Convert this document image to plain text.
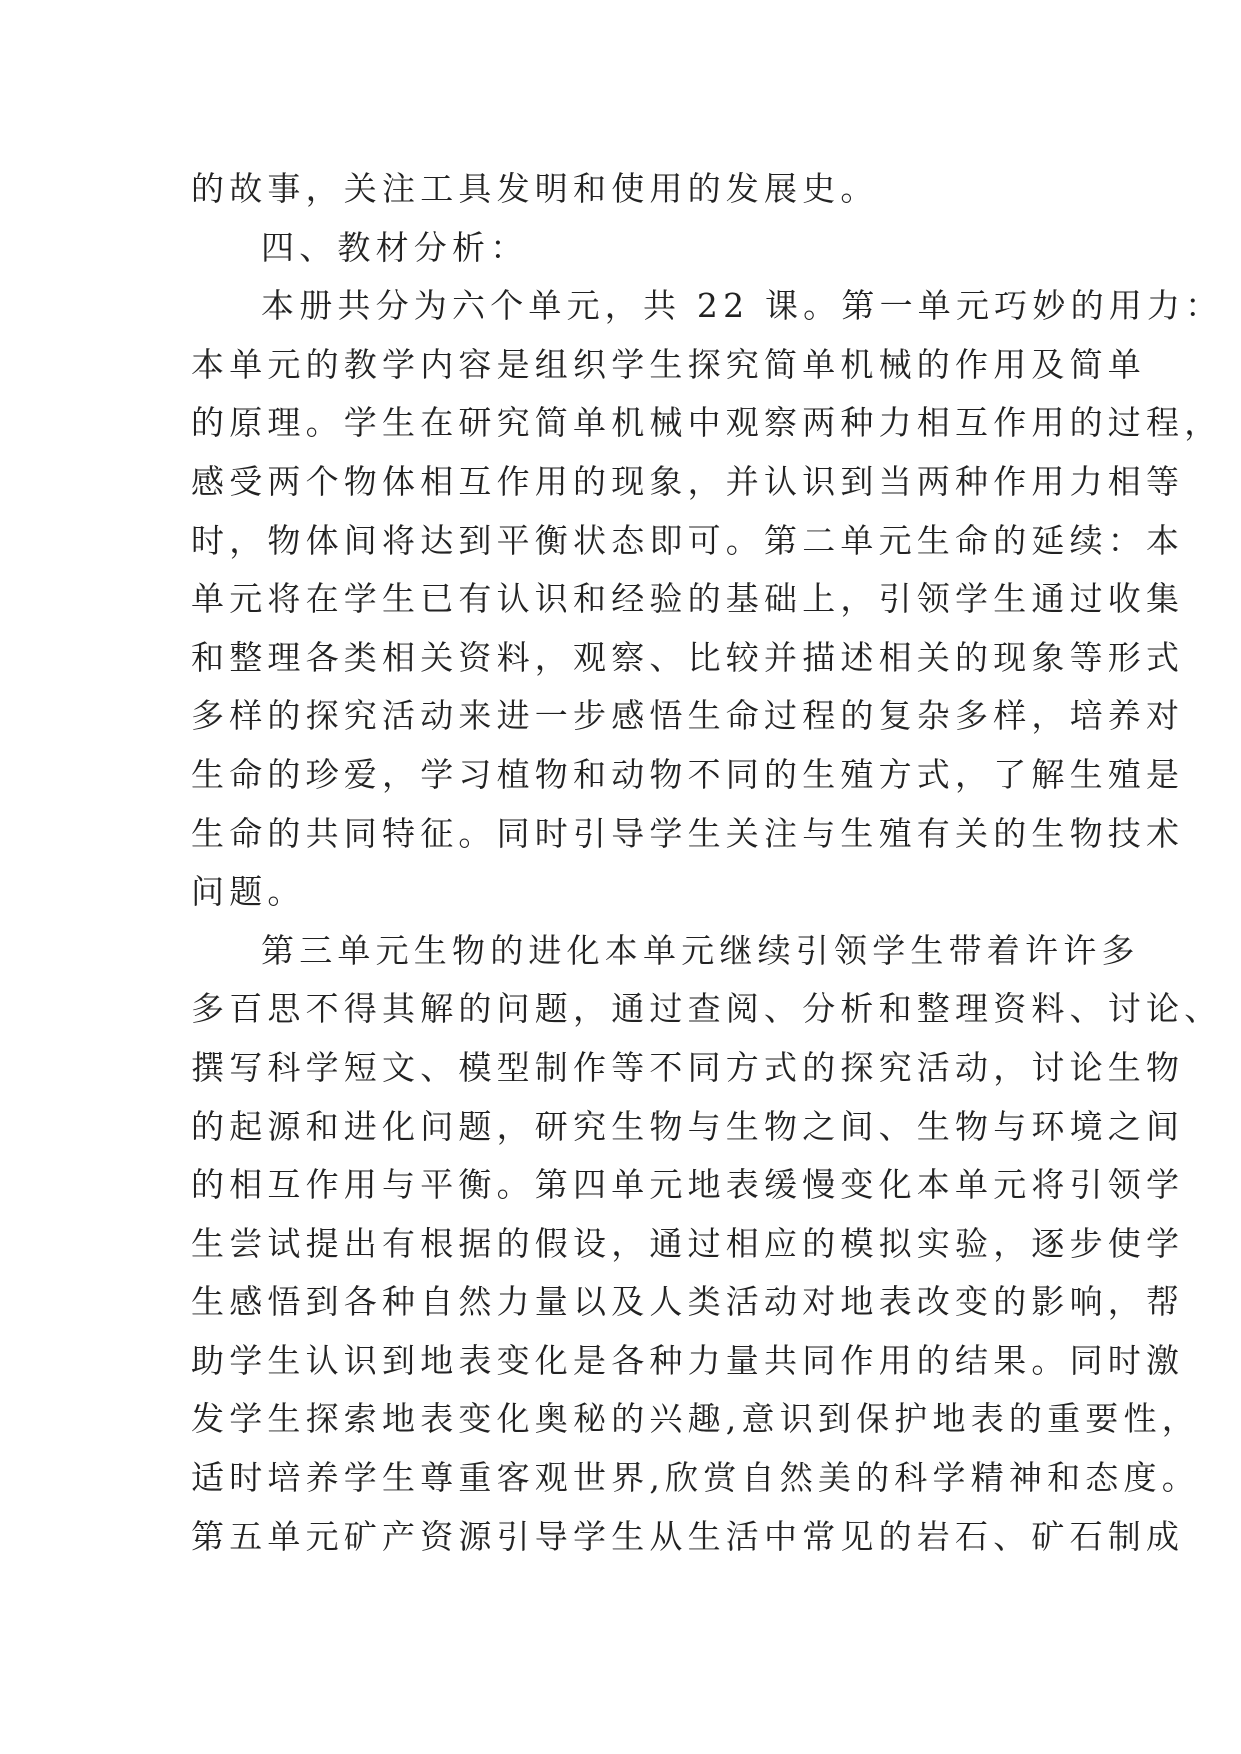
的故事，关注工具发明和使用的发展史。
四、教材分析：
本册共分为六个单元，共 22 课。第一单元巧妙的用力：
本单元的教学内容是组织学生探究简单机械的作用及简单
的原理。学生在研究简单机械中观察两种力相互作用的过程，
感受两个物体相互作用的现象，并认识到当两种作用力相等
时，物体间将达到平衡状态即可。第二单元生命的延续：本
单元将在学生已有认识和经验的基础上，引领学生通过收集
和整理各类相关资料，观察、比较并描述相关的现象等形式
多样的探究活动来进一步感悟生命过程的复杂多样，培养对
生命的珍爱，学习植物和动物不同的生殖方式，了解生殖是
生命的共同特征。同时引导学生关注与生殖有关的生物技术
问题。
第三单元生物的进化本单元继续引领学生带着许许多
多百思不得其解的问题，通过查阅、分析和整理资料、讨论、
撰写科学短文、模型制作等不同方式的探究活动，讨论生物
的起源和进化问题，研究生物与生物之间、生物与环境之间
的相互作用与平衡。第四单元地表缓慢变化本单元将引领学
生尝试提出有根据的假设，通过相应的模拟实验，逐步使学
生感悟到各种自然力量以及人类活动对地表改变的影响，帮
助学生认识到地表变化是各种力量共同作用的结果。同时激
发学生探索地表变化奥秘的兴趣,意识到保护地表的重要性，
适时培养学生尊重客观世界,欣赏自然美的科学精神和态度。
第五单元矿产资源引导学生从生活中常见的岩石、矿石制成
